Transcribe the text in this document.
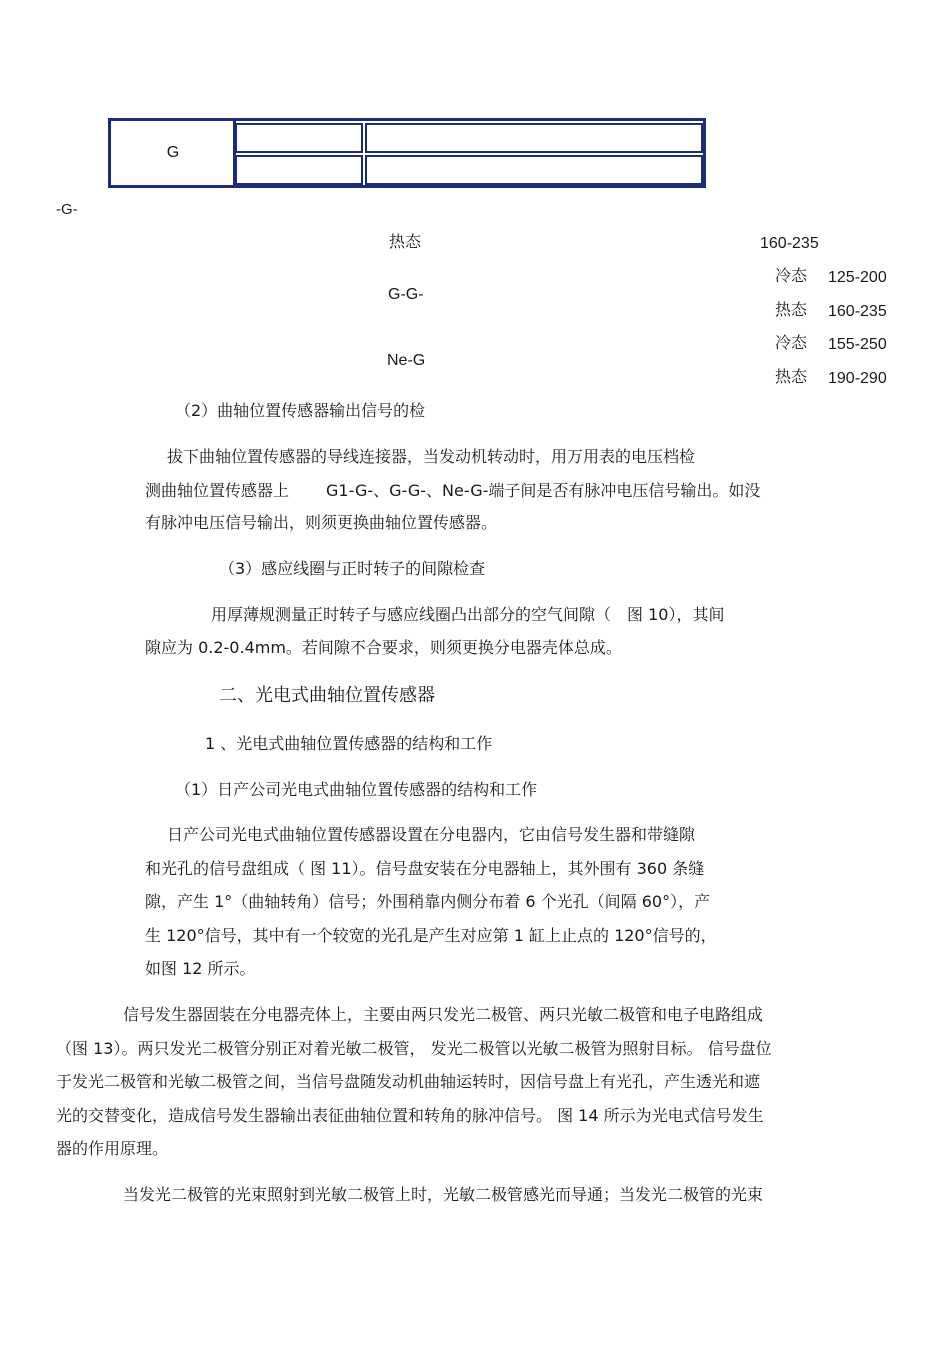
G
-G-
热态	160-235
G-G-
冷态 125-200
热态 160-235
Ne-G
冷态 155-250
热态 190-290
（2）曲轴位置传感器输出信号的检
拔下曲轴位置传感器的导线连接器，当发动机转动时，用万用表的电压档检
测曲轴位置传感器上 G1-G-、G-G-、Ne-G-端子间是否有脉冲电压信号输出。如没
有脉冲电压信号输出，则须更换曲轴位置传感器。
（3）感应线圈与正时转子的间隙检查
用厚薄规测量正时转子与感应线圈凸出部分的空气间隙（　图 10），其间
隙应为 0.2-0.4mm。若间隙不合要求，则须更换分电器壳体总成。
二、光电式曲轴位置传感器
1 、光电式曲轴位置传感器的结构和工作
（1）日产公司光电式曲轴位置传感器的结构和工作
日产公司光电式曲轴位置传感器设置在分电器内，它由信号发生器和带缝隙
和光孔的信号盘组成（ 图 11）。信号盘安装在分电器轴上，其外围有 360 条缝
隙，产生 1°（曲轴转角）信号；外围稍靠内侧分布着 6 个光孔（间隔 60°），产
生 120°信号，其中有一个较宽的光孔是产生对应第 1 缸上止点的 120°信号的，
如图 12 所示。
信号发生器固装在分电器壳体上，主要由两只发光二极管、两只光敏二极管和电子电路组成
（图 13）。两只发光二极管分别正对着光敏二极管， 发光二极管以光敏二极管为照射目标。 信号盘位
于发光二极管和光敏二极管之间，当信号盘随发动机曲轴运转时，因信号盘上有光孔，产生透光和遮
光的交替变化，造成信号发生器输出表征曲轴位置和转角的脉冲信号。 图 14 所示为光电式信号发生
器的作用原理。
当发光二极管的光束照射到光敏二极管上时，光敏二极管感光而导通；当发光二极管的光束
